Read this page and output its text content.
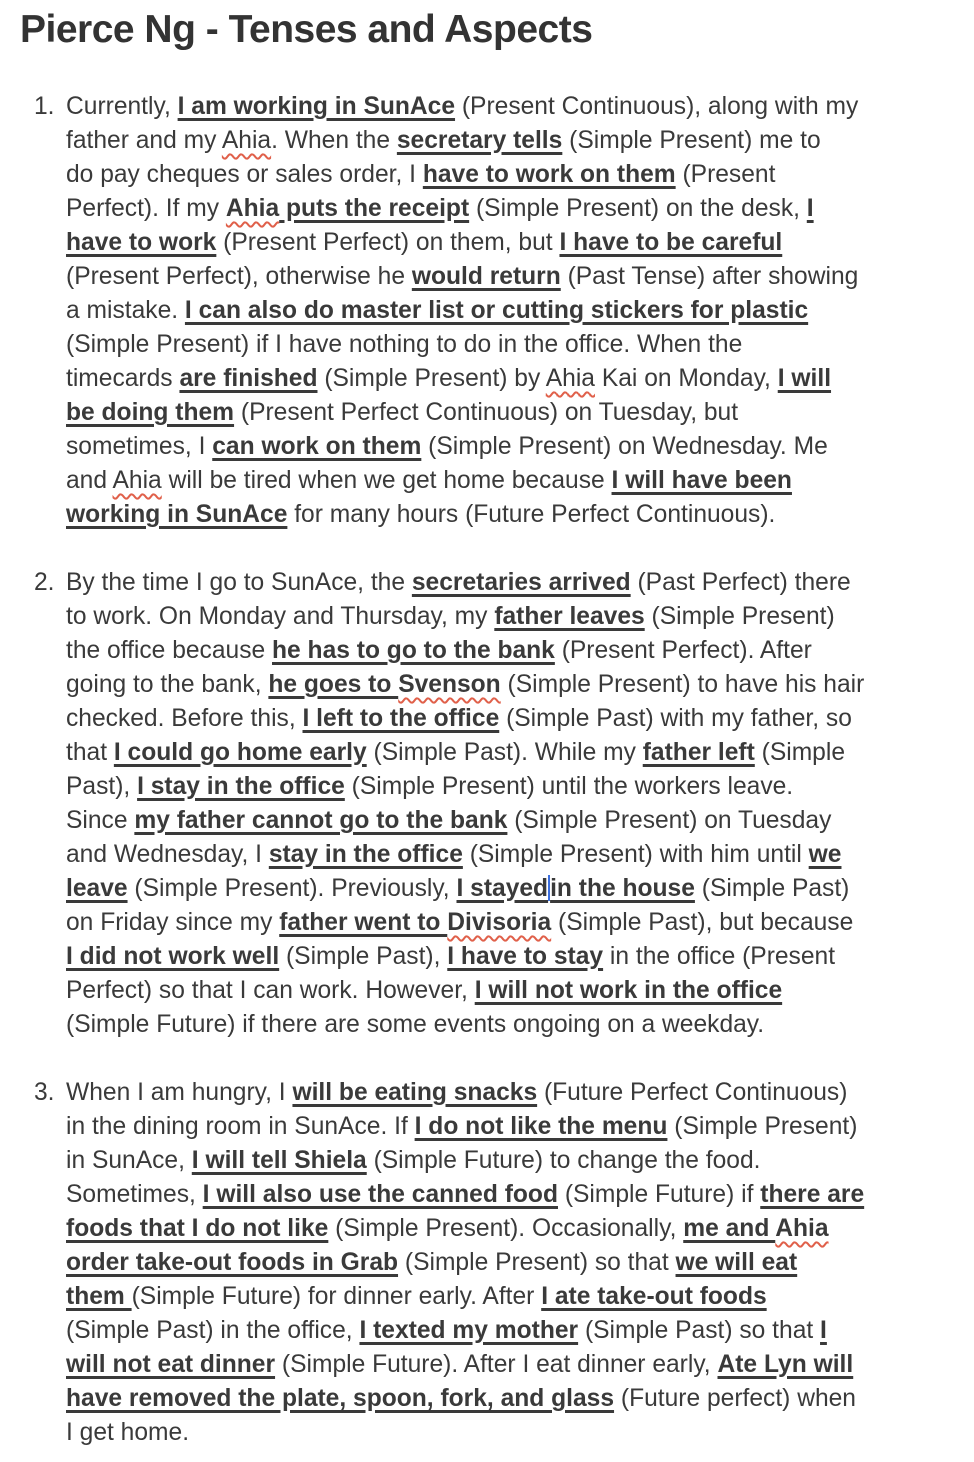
Pierce Ng - Tenses and Aspects
1. Currently, I am working in SunAce (Present Continuous), along with my
father and my Ahia. When the secretary tells (Simple Present) me to
do pay cheques or sales order, I have to work on them (Present
Perfect). If my Ahia puts the receipt (Simple Present) on the desk, I
have to work (Present Perfect) on them, but I have to be careful
(Present Perfect), otherwise he would return (Past Tense) after showing
a mistake. I can also do master list or cutting stickers for plastic
(Simple Present) if I have nothing to do in the office. When the
timecards are finished (Simple Present) by Ahia Kai on Monday, I will
be doing them (Present Perfect Continuous) on Tuesday, but
sometimes, I can work on them (Simple Present) on Wednesday. Me
and Ahia will be tired when we get home because I will have been
working in SunAce for many hours (Future Perfect Continuous).
2. By the time I go to SunAce, the secretaries arrived (Past Perfect) there
to work. On Monday and Thursday, my father leaves (Simple Present)
the office because he has to go to the bank (Present Perfect). After
going to the bank, he goes to Svenson (Simple Present) to have his hair
checked. Before this, I left to the office (Simple Past) with my father, so
that I could go home early (Simple Past). While my father left (Simple
Past), I stay in the office (Simple Present) until the workers leave.
Since my father cannot go to the bank (Simple Present) on Tuesday
and Wednesday, I stay in the office (Simple Present) with him until we
leave (Simple Present). Previously, I stayedin the house (Simple Past)
on Friday since my father went to Divisoria (Simple Past), but because
I did not work well (Simple Past), I have to stay in the office (Present
Perfect) so that I can work. However, I will not work in the office
(Simple Future) if there are some events ongoing on a weekday.
3. When I am hungry, I will be eating snacks (Future Perfect Continuous)
in the dining room in SunAce. If I do not like the menu (Simple Present)
in SunAce, I will tell Shiela (Simple Future) to change the food.
Sometimes, I will also use the canned food (Simple Future) if there are
foods that I do not like (Simple Present). Occasionally, me and Ahia
order take-out foods in Grab (Simple Present) so that we will eat
them (Simple Future) for dinner early. After I ate take-out foods
(Simple Past) in the office, I texted my mother (Simple Past) so that I
will not eat dinner (Simple Future). After I eat dinner early, Ate Lyn will
have removed the plate, spoon, fork, and glass (Future perfect) when
I get home.
